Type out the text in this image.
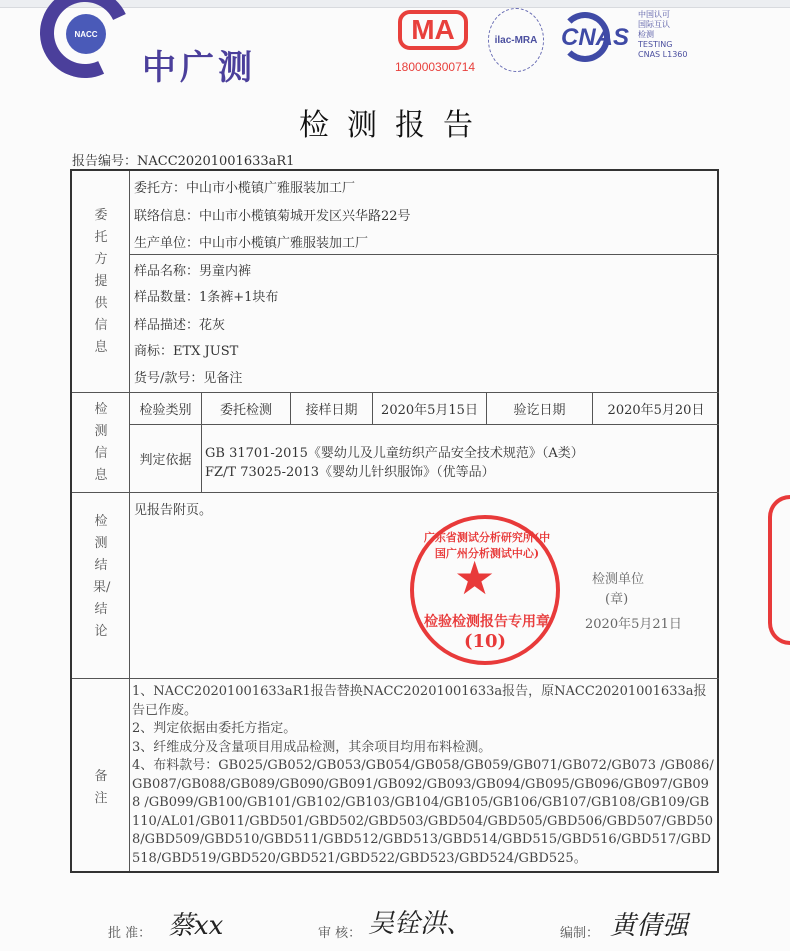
NACC
中广测
MA
180000300714
ilac-MRA CNAS
中国认可
国际互认
检测
TESTING
CNAS L1360
检测报告
报告编号：NACC20201001633aR1
委托方提供信息
委托方：中山市小榄镇广雅服装加工厂
联络信息：中山市小榄镇菊城开发区兴华路22号
生产单位：中山市小榄镇广雅服装加工厂
样品名称：男童内裤
样品数量：1条裤+1块布
样品描述：花灰
商标：ETX JUST
货号/款号：见备注
检测信息
检验类别	委托检测	接样日期	2020年5月15日	验讫日期	2020年5月20日
判定依据	GB 31701-2015《婴幼儿及儿童纺织产品安全技术规范》（A类）
FZ/T 73025-2013《婴幼儿针织服饰》（优等品）
检测结果/结论
见报告附页。
备注
1、NACC20201001633aR1报告替换NACC20201001633a报告，原NACC20201001633a报告已作废。
2、判定依据由委托方指定。
3、纤维成分及含量项目用成品检测，其余项目均用布料检测。
4、布料款号：GB025/GB052/GB053/GB054/GB058/GB059/GB071/GB072/GB073 /GB086/GB087/GB088/GB089/GB090/GB091/GB092/GB093/GB094/GB095/GB096/GB097/GB098 /GB099/GB100/GB101/GB102/GB103/GB104/GB105/GB106/GB107/GB108/GB109/GB110/AL01/GB011/GBD501/GBD502/GBD503/GBD504/GBD505/GBD506/GBD507/GBD508/GBD509/GBD510/GBD511/GBD512/GBD513/GBD514/GBD515/GBD516/GBD517/GBD518/GBD519/GBD520/GBD521/GBD522/GBD523/GBD524/GBD525。
广东省测试分析研究所(中国广州分析测试中心)
★
检验检测报告专用章
(10)
检测单位
(章)
2020年5月21日
批 准： 蔡xx	审 核： 吴铨洪、	编制： 黄倩强
